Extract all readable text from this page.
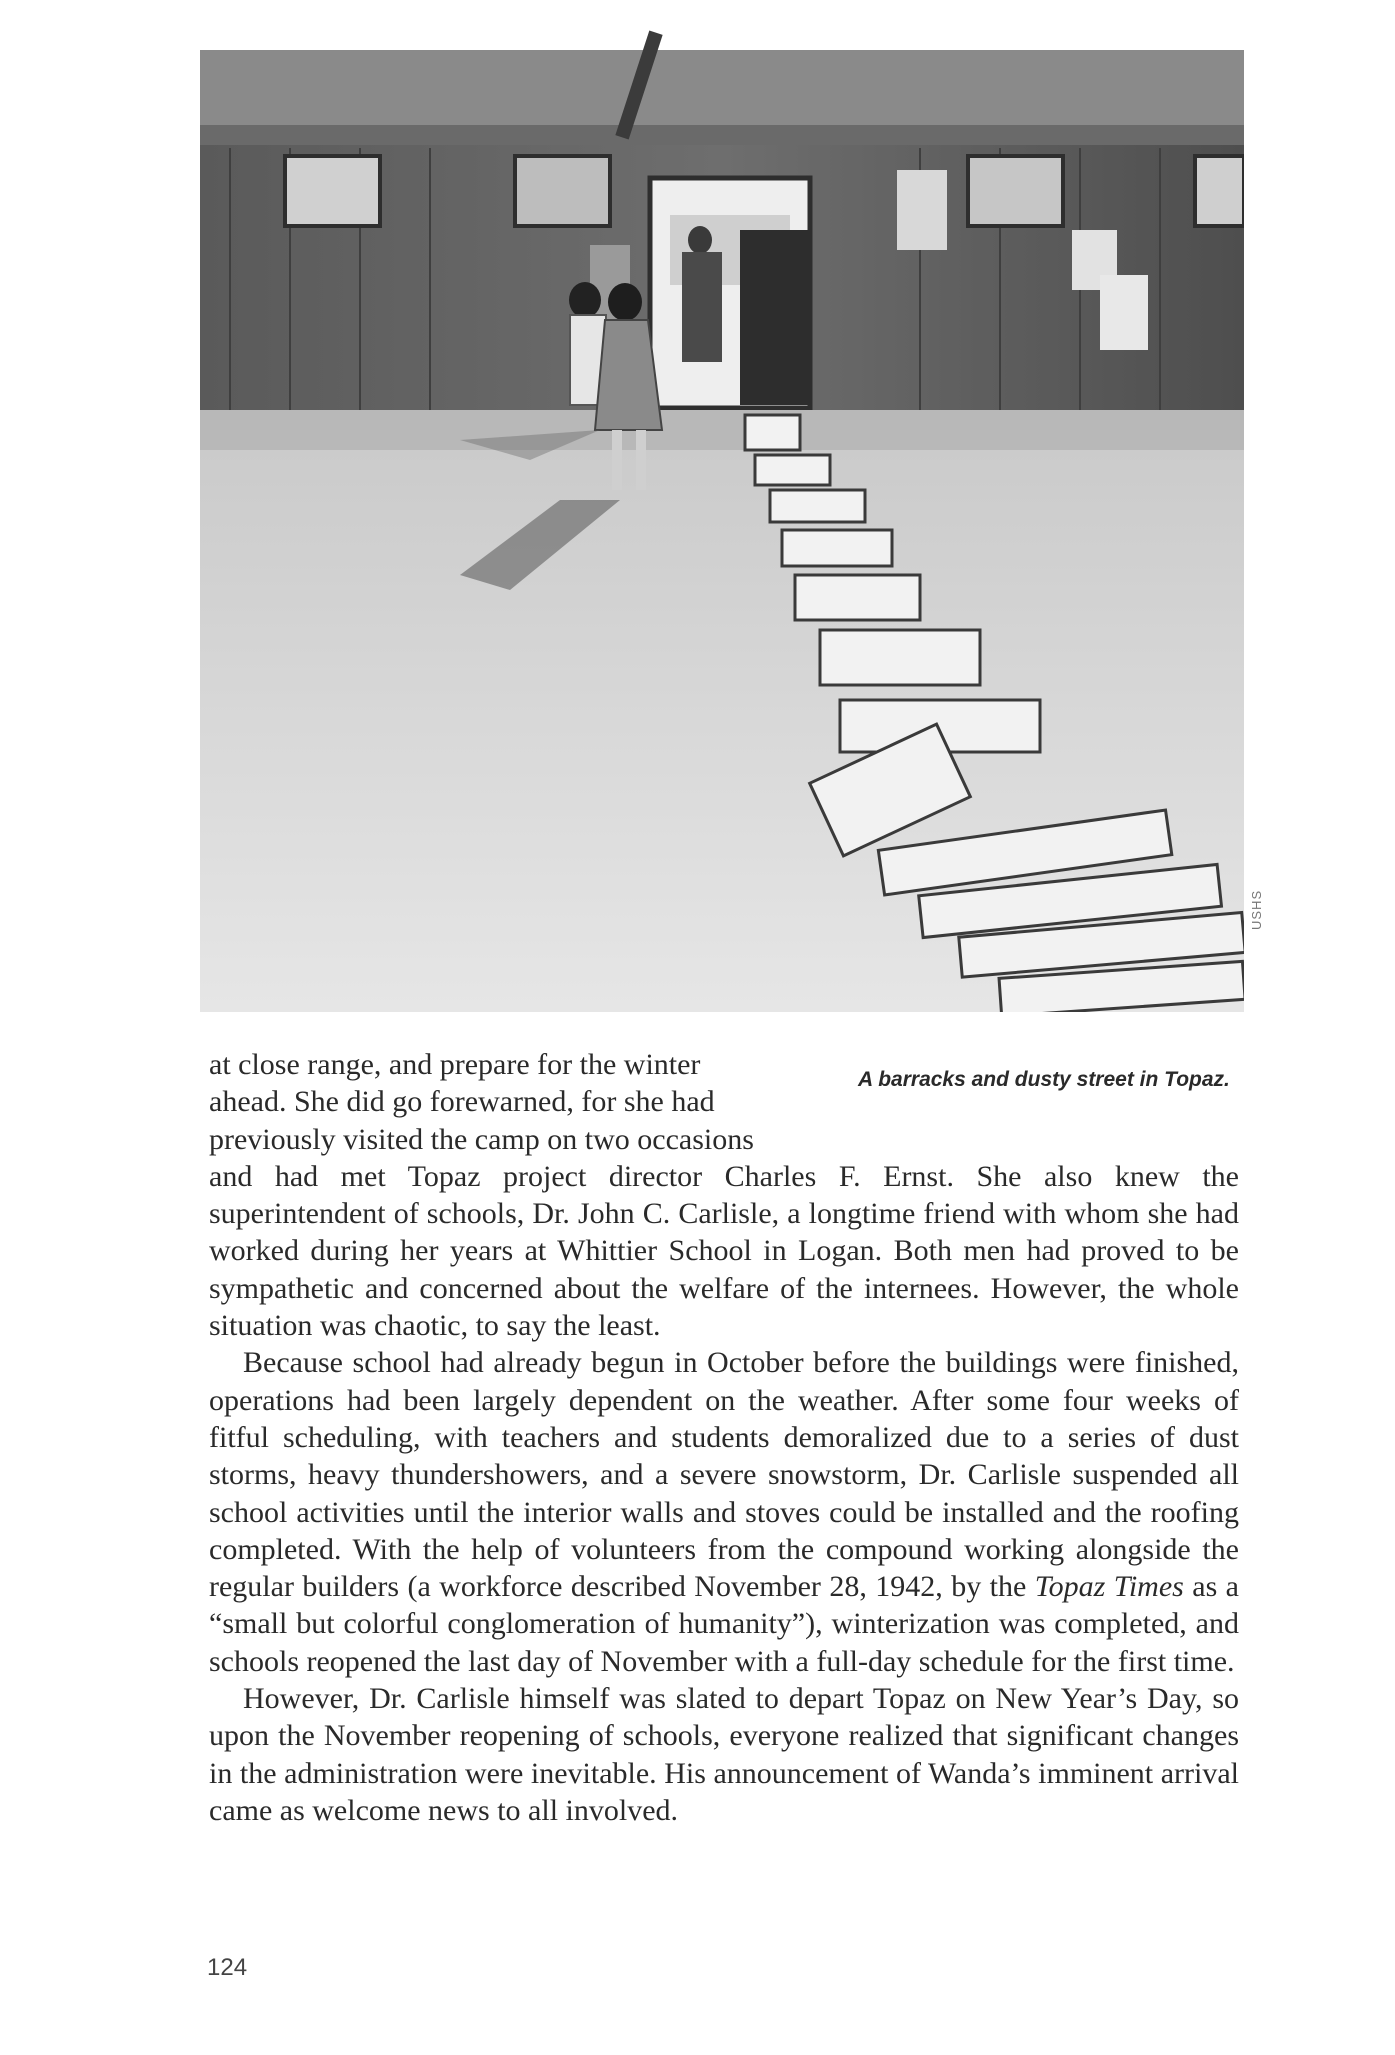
USHS
A barracks and dusty street in Topaz.

at close range, and prepare for the winter
ahead. She did go forewarned, for she had
previously visited the camp on two occasions
and had met Topaz project director Charles F. Ernst. She also knew the superintendent of schools, Dr. John C. Carlisle, a longtime friend with whom she had worked during her years at Whittier School in Logan. Both men had proved to be sympathetic and concerned about the welfare of the internees. However, the whole situation was chaotic, to say the least.

Because school had already begun in October before the buildings were finished, operations had been largely dependent on the weather. After some four weeks of fitful scheduling, with teachers and students demoralized due to a series of dust storms, heavy thundershowers, and a severe snowstorm, Dr. Carlisle suspended all school activities until the interior walls and stoves could be installed and the roofing completed. With the help of volunteers from the compound working alongside the regular builders (a workforce described November 28, 1942, by the Topaz Times as a “small but colorful conglomeration of humanity”), winterization was completed, and schools reopened the last day of November with a full-day schedule for the first time.

However, Dr. Carlisle himself was slated to depart Topaz on New Year’s Day, so upon the November reopening of schools, everyone realized that significant changes in the administration were inevitable. His announcement of Wanda’s imminent arrival came as welcome news to all involved.

124
